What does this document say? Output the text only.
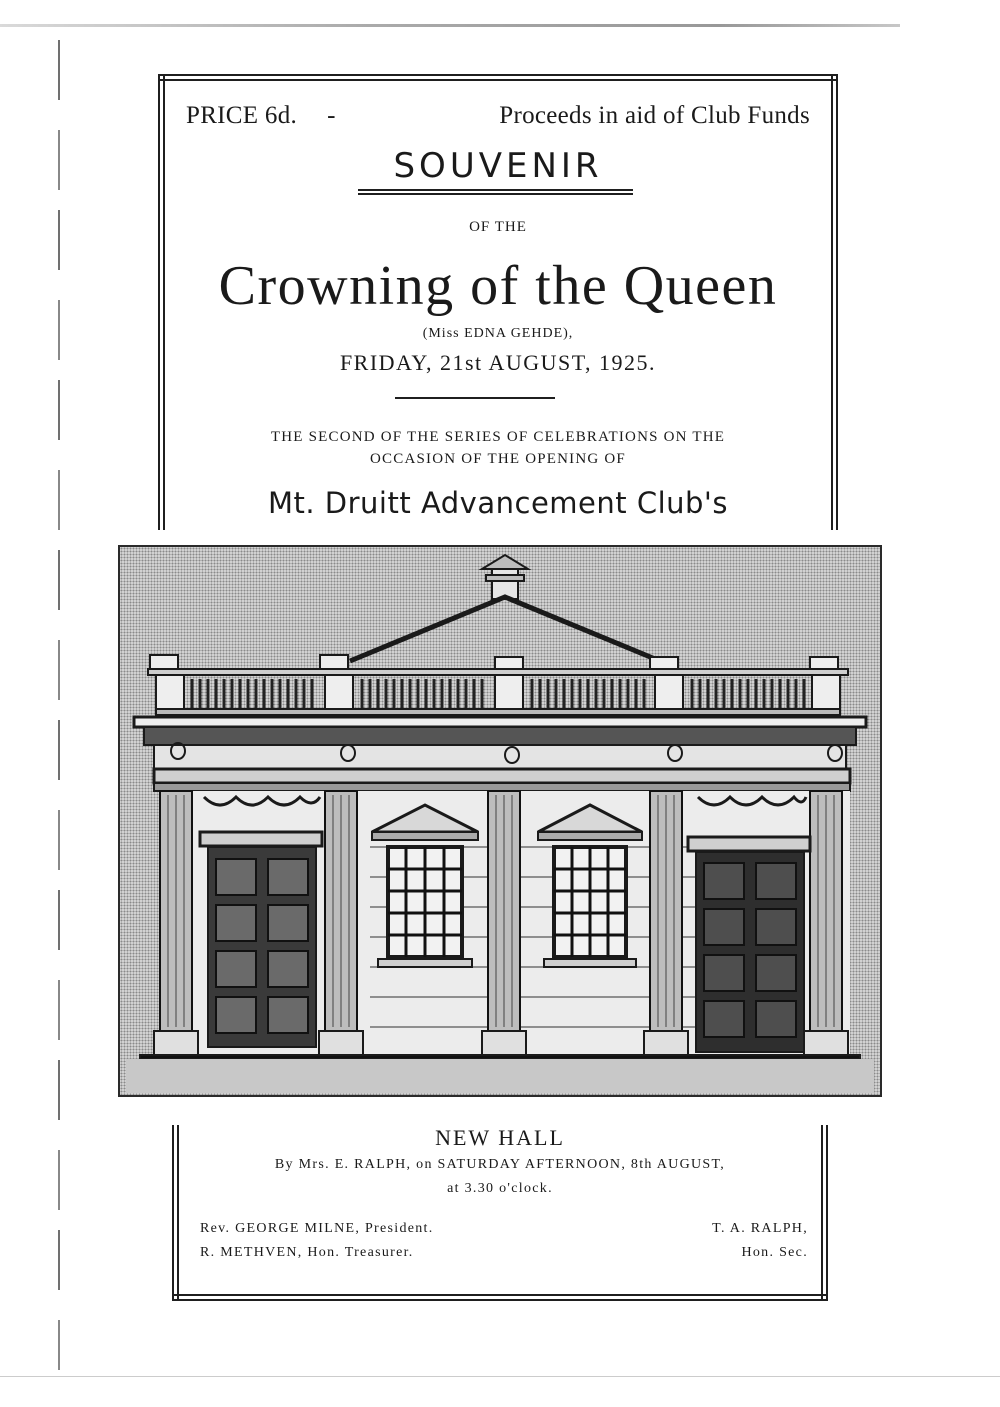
PRICE 6d. -	Proceeds in aid of Club Funds
SOUVENIR
OF THE
Crowning of the Queen
(Miss EDNA GEHDE),
FRIDAY, 21st AUGUST, 1925.
THE SECOND OF THE SERIES OF CELEBRATIONS ON THE
OCCASION OF THE OPENING OF
Mt. Druitt Advancement Club's
NEW HALL
By Mrs. E. RALPH, on SATURDAY AFTERNOON, 8th AUGUST,
at 3.30 o'clock.
Rev. GEORGE MILNE, President.
R. METHVEN, Hon. Treasurer.
T. A. RALPH,
Hon. Sec.
